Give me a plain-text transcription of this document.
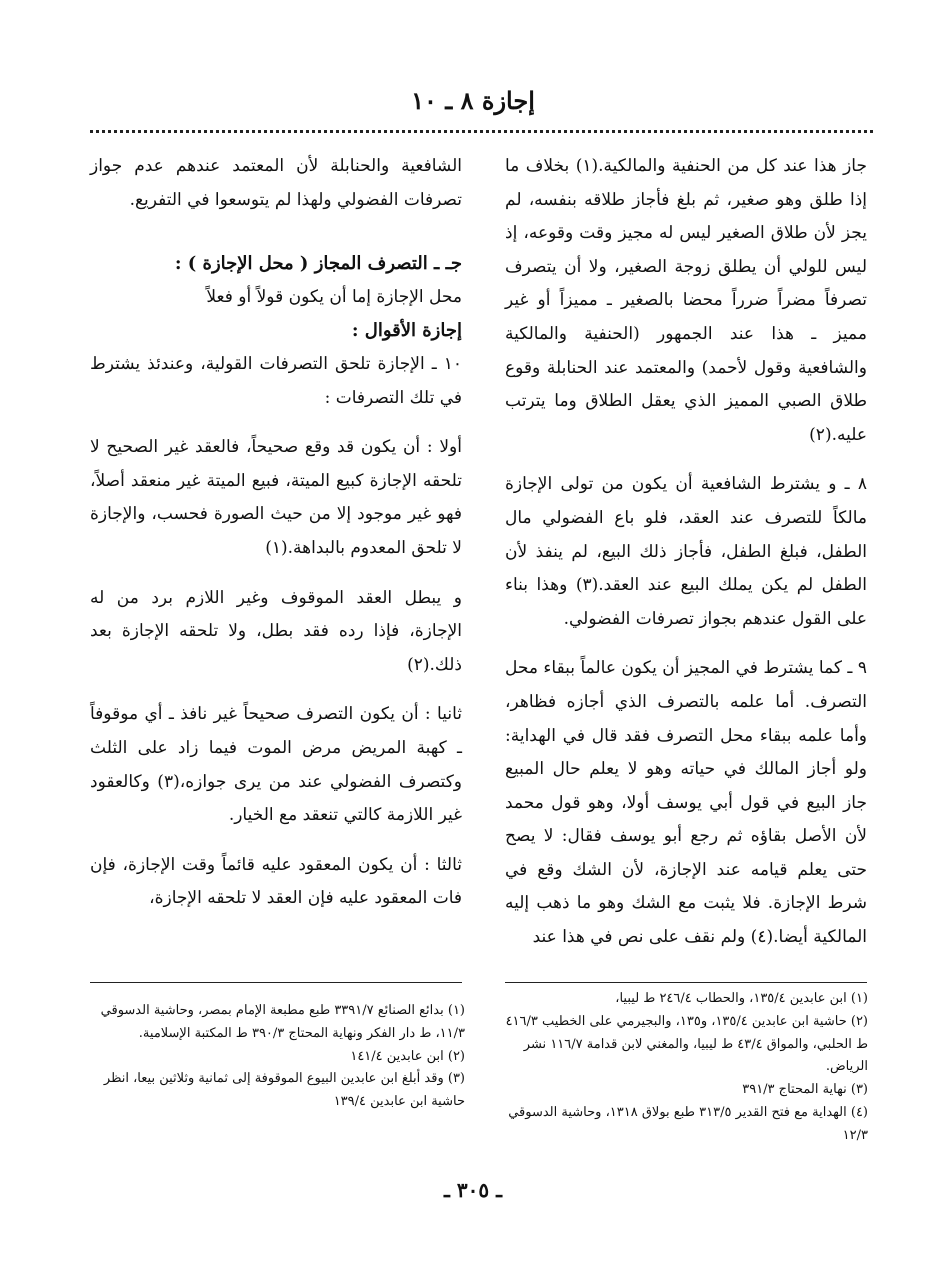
إجازة ٨ ـ ١٠

جاز هذا عند كل من الحنفية والمالكية.(١) بخلاف ما إذا طلق وهو صغير، ثم بلغ فأجاز طلاقه بنفسه، لم يجز لأن طلاق الصغير ليس له مجيز وقت وقوعه، إذ ليس للولي أن يطلق زوجة الصغير، ولا أن يتصرف تصرفاً مضراً ضرراً محضا بالصغير ـ مميزاً أو غير مميز ـ هذا عند الجمهور (الحنفية والمالكية والشافعية وقول لأحمد) والمعتمد عند الحنابلة وقوع طلاق الصبي المميز الذي يعقل الطلاق وما يترتب عليه.(٢)

٨ ـ و يشترط الشافعية أن يكون من تولى الإجازة مالكاً للتصرف عند العقد، فلو باع الفضولي مال الطفل، فبلغ الطفل، فأجاز ذلك البيع، لم ينفذ لأن الطفل لم يكن يملك البيع عند العقد.(٣) وهذا بناء على القول عندهم بجواز تصرفات الفضولي.

٩ ـ كما يشترط في المجيز أن يكون عالماً ببقاء محل التصرف. أما علمه بالتصرف الذي أجازه فظاهر، وأما علمه ببقاء محل التصرف فقد قال في الهداية: ولو أجاز المالك في حياته وهو لا يعلم حال المبيع جاز البيع في قول أبي يوسف أولا، وهو قول محمد لأن الأصل بقاؤه ثم رجع أبو يوسف فقال: لا يصح حتى يعلم قيامه عند الإجازة، لأن الشك وقع في شرط الإجازة. فلا يثبت مع الشك وهو ما ذهب إليه المالكية أيضا.(٤) ولم نقف على نص في هذا عند

الشافعية والحنابلة لأن المعتمد عندهم عدم جواز تصرفات الفضولي ولهذا لم يتوسعوا في التفريع.

جـ ـ التصرف المجاز ( محل الإجازة ) :

محل الإجازة إما أن يكون قولاً أو فعلاً

إجازة الأقوال :

١٠ ـ الإجازة تلحق التصرفات القولية، وعندئذ يشترط في تلك التصرفات :

أولا : أن يكون قد وقع صحيحاً، فالعقد غير الصحيح لا تلحقه الإجازة كبيع الميتة، فبيع الميتة غير منعقد أصلاً، فهو غير موجود إلا من حيث الصورة فحسب، والإجازة لا تلحق المعدوم بالبداهة.(١)

و يبطل العقد الموقوف وغير اللازم برد من له الإجازة، فإذا رده فقد بطل، ولا تلحقه الإجازة بعد ذلك.(٢)

ثانيا : أن يكون التصرف صحيحاً غير نافذ ـ أي موقوفاً ـ كهبة المريض مرض الموت فيما زاد على الثلث وكتصرف الفضولي عند من يرى جوازه،(٣) وكالعقود غير اللازمة كالتي تنعقد مع الخيار.

ثالثا : أن يكون المعقود عليه قائماً وقت الإجازة، فإن فات المعقود عليه فإن العقد لا تلحقه الإجازة،

(١) ابن عابدين ١٣٥/٤، والحطاب ٢٤٦/٤ ط ليبيا،

(٢) حاشية ابن عابدين ١٣٥/٤، و١٣٥، والبجيرمي على الخطيب ٤١٦/٣ ط الحلبي، والمواق ٤٣/٤ ط ليبيا، والمغني لابن قدامة ١١٦/٧ نشر الرياض.

(٣) نهاية المحتاج ٣٩١/٣

(٤) الهداية مع فتح القدير ٣١٣/٥ طبع بولاق ١٣١٨، وحاشية الدسوقي ١٢/٣

(١) بدائع الصنائع ٣٣٩١/٧ طبع مطبعة الإمام بمصر، وحاشية الدسوقي ١١/٣، ط دار الفكر ونهاية المحتاج ٣٩٠/٣ ط المكتبة الإسلامية.

(٢) ابن عابدين ١٤١/٤

(٣) وقد أبلغ ابن عابدين البيوع الموقوفة إلى ثمانية وثلاثين بيعا، انظر حاشية ابن عابدين ١٣٩/٤

ـ ٣٠٥ ـ
